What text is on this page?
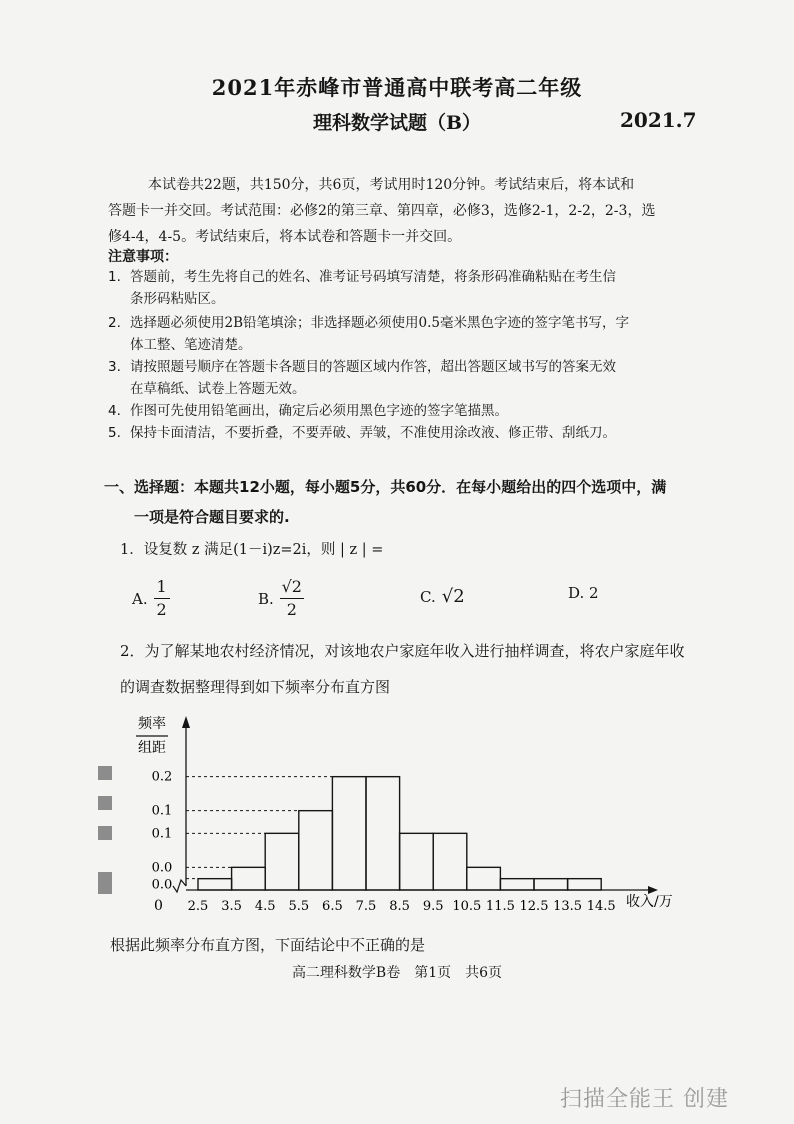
2021年赤峰市普通高中联考高二年级
理科数学试题（B）	2021.7
本试卷共22题，共150分，共6页，考试用时120分钟。考试结束后，将本试和
答题卡一并交回。考试范围：必修2的第三章、第四章，必修3，选修2-1，2-2，2-3，选
修4-4，4-5。考试结束后，将本试卷和答题卡一并交回。
注意事项：
1. 答题前，考生先将自己的姓名、准考证号码填写清楚，将条形码准确粘贴在考生信
条形码粘贴区。
2. 选择题必须使用2B铅笔填涂；非选择题必须使用0.5毫米黑色字迹的签字笔书写，字
体工整、笔迹清楚。
3. 请按照题号顺序在答题卡各题目的答题区域内作答，超出答题区域书写的答案无效
在草稿纸、试卷上答题无效。
4. 作图可先使用铅笔画出，确定后必须用黑色字迹的签字笔描黑。
5. 保持卡面清洁，不要折叠，不要弄破、弄皱，不准使用涂改液、修正带、刮纸刀。
一、选择题：本题共12小题，每小题5分，共60分．在每小题给出的四个选项中，满
一项是符合题目要求的.
1．设复数 z 满足(1－i)z=2i，则 | z | =
A. $\frac{1}{2}$	B. $\frac{√2}{2}$	C. √2	D. 2
2．为了解某地农村经济情况，对该地农户家庭年收入进行抽样调查，将农户家庭年收
的调查数据整理得到如下频率分布直方图
频率
组距
0 2.5 3.5 4.5 5.5 6.5 7.5 8.5 9.5 10.5 11.5 12.5 13.5 14.5
0.2
0.1
0.1
0.0
0.0
收入/万
根据此频率分布直方图，下面结论中不正确的是
高二理科数学B卷　第1页　共6页
扫描全能王 创建
